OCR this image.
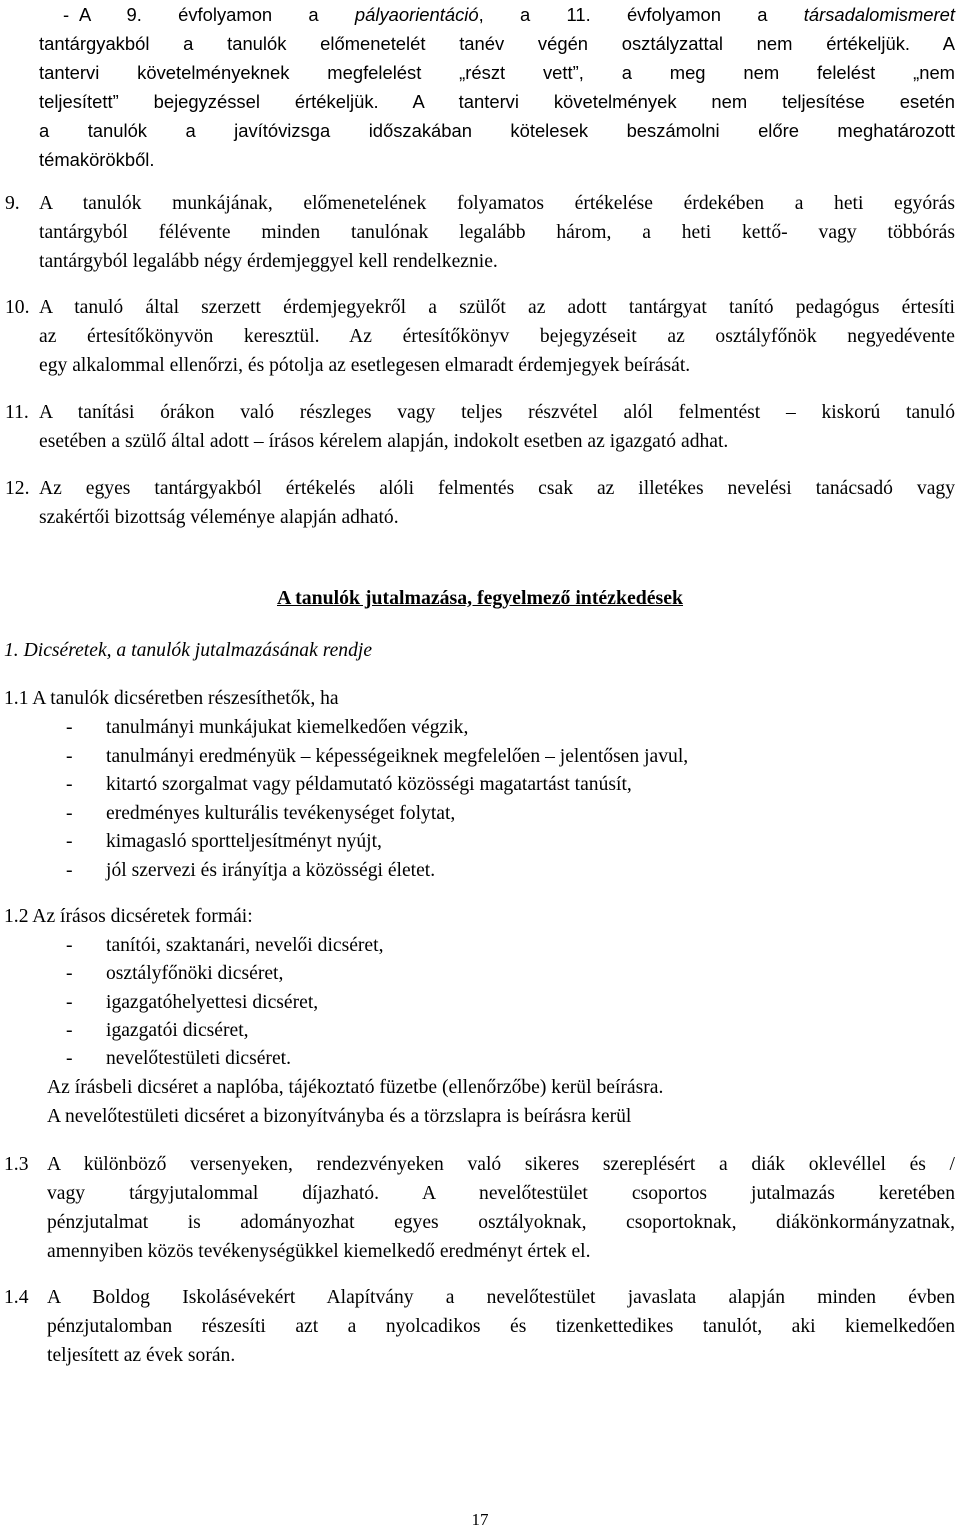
- A 9. évfolyamon a pályaorientáció, a 11. évfolyamon a társadalomismeret
tantárgyakból a tanulók előmenetelét tanév végén osztályzattal nem értékeljük. A
tantervi követelményeknek megfelelést „részt vett”, a meg nem felelést „nem
teljesített” bejegyzéssel értékeljük. A tantervi követelmények nem teljesítése esetén
a tanulók a javítóvizsga időszakában kötelesek beszámolni előre meghatározott
témakörökből.
9. A tanulók munkájának, előmenetelének folyamatos értékelése érdekében a heti egyórás
tantárgyból félévente minden tanulónak legalább három, a heti kettő- vagy többórás
tantárgyból legalább négy érdemjeggyel kell rendelkeznie.
10. A tanuló által szerzett érdemjegyekről a szülőt az adott tantárgyat tanító pedagógus értesíti
az értesítőkönyvön keresztül. Az értesítőkönyv bejegyzéseit az osztályfőnök negyedévente
egy alkalommal ellenőrzi, és pótolja az esetlegesen elmaradt érdemjegyek beírását.
11. A tanítási órákon való részleges vagy teljes részvétel alól felmentést – kiskorú tanuló
esetében a szülő által adott – írásos kérelem alapján, indokolt esetben az igazgató adhat.
12. Az egyes tantárgyakból értékelés alóli felmentés csak az illetékes nevelési tanácsadó vagy
szakértői bizottság véleménye alapján adható.
A tanulók jutalmazása, fegyelmező intézkedések
1. Dicséretek, a tanulók jutalmazásának rendje
1.1 A tanulók dicséretben részesíthetők, ha
- tanulmányi munkájukat kiemelkedően végzik,
- tanulmányi eredményük – képességeiknek megfelelően – jelentősen javul,
- kitartó szorgalmat vagy példamutató közösségi magatartást tanúsít,
- eredményes kulturális tevékenységet folytat,
- kimagasló sportteljesítményt nyújt,
- jól szervezi és irányítja a közösségi életet.
1.2 Az írásos dicséretek formái:
- tanítói, szaktanári, nevelői dicséret,
- osztályfőnöki dicséret,
- igazgatóhelyettesi dicséret,
- igazgatói dicséret,
- nevelőtestületi dicséret.
Az írásbeli dicséret a naplóba, tájékoztató füzetbe (ellenőrzőbe) kerül beírásra.
A nevelőtestületi dicséret a bizonyítványba és a törzslapra is beírásra kerül
1.3 A különböző versenyeken, rendezvényeken való sikeres szereplésért a diák oklevéllel és /
vagy tárgyjutalommal díjazható. A nevelőtestület csoportos jutalmazás keretében
pénzjutalmat is adományozhat egyes osztályoknak, csoportoknak, diákönkormányzatnak,
amennyiben közös tevékenységükkel kiemelkedő eredményt értek el.
1.4 A Boldog Iskolásévekért Alapítvány a nevelőtestület javaslata alapján minden évben
pénzjutalomban részesíti azt a nyolcadikos és tizenkettedikes tanulót, aki kiemelkedően
teljesített az évek során.
17
